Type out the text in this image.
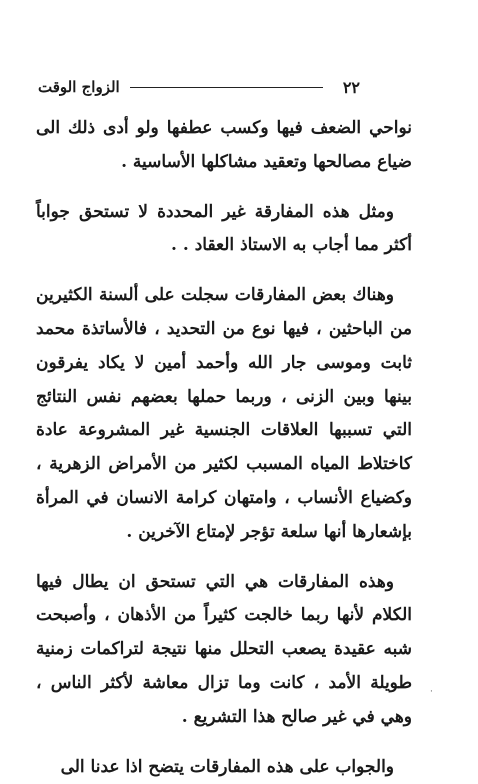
٢٢
الزواج الوقت

نواحي الضعف فيها وكسب عطفها ولو أدى ذلك الى ضياع مصالحها وتعقيد مشاكلها الأساسية .

ومثل هذه المفارقة غير المحددة لا تستحق جواباً أكثر مما أجاب به الاستاذ العقاد . .

وهناك بعض المفارقات سجلت على ألسنة الكثيرين من الباحثين ، فيها نوع من التحديد ، فالأساتذة محمد ثابت وموسى جار الله وأحمد أمين لا يكاد يفرقون بينها وبين الزنى ، وربما حملها بعضهم نفس النتائج التي تسببها العلاقات الجنسية غير المشروعة عادة كاختلاط المياه المسبب لكثير من الأمراض الزهرية ، وكضياع الأنساب ، وامتهان كرامة الانسان في المرأة بإشعارها أنها سلعة تؤجر لإمتاع الآخرين .

وهذه المفارقات هي التي تستحق ان يطال فيها الكلام لأنها ربما خالجت كثيراً من الأذهان ، وأصبحت شبه عقيدة يصعب التحلل منها نتيجة لتراكمات زمنية طويلة الأمد ، كانت وما تزال معاشة لأكثر الناس ، وهي في غير صالح هذا التشريع .

والجواب على هذه المفارقات يتضح اذا عدنا الى

·
